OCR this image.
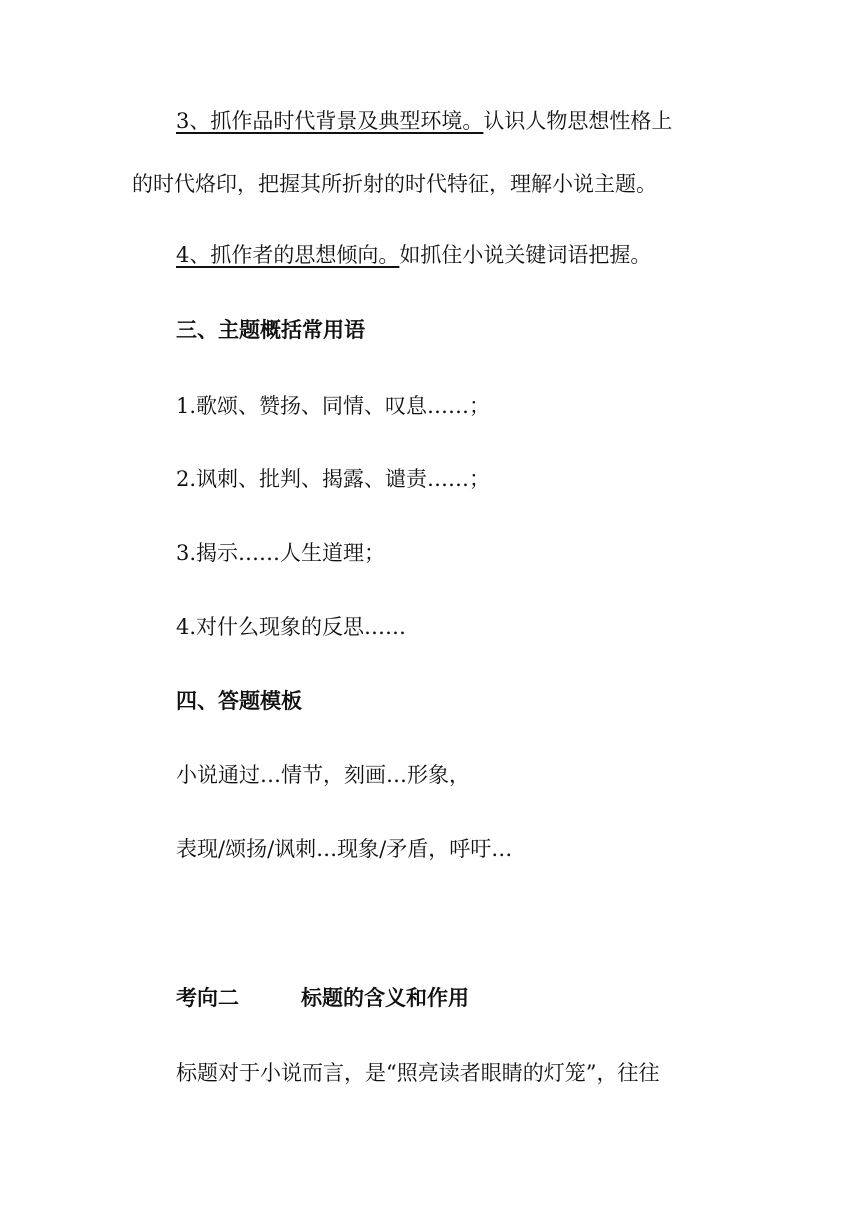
3、抓作品时代背景及典型环境。认识人物思想性格上
的时代烙印，把握其所折射的时代特征，理解小说主题。
4、抓作者的思想倾向。如抓住小说关键词语把握。
三、主题概括常用语
1.歌颂、赞扬、同情、叹息……；
2.讽刺、批判、揭露、谴责……；
3.揭示……人生道理；
4.对什么现象的反思……
四、答题模板
小说通过…情节，刻画…形象，
表现/颂扬/讽刺…现象/矛盾，呼吁…
考向二	标题的含义和作用
标题对于小说而言，是“照亮读者眼睛的灯笼”，往往
